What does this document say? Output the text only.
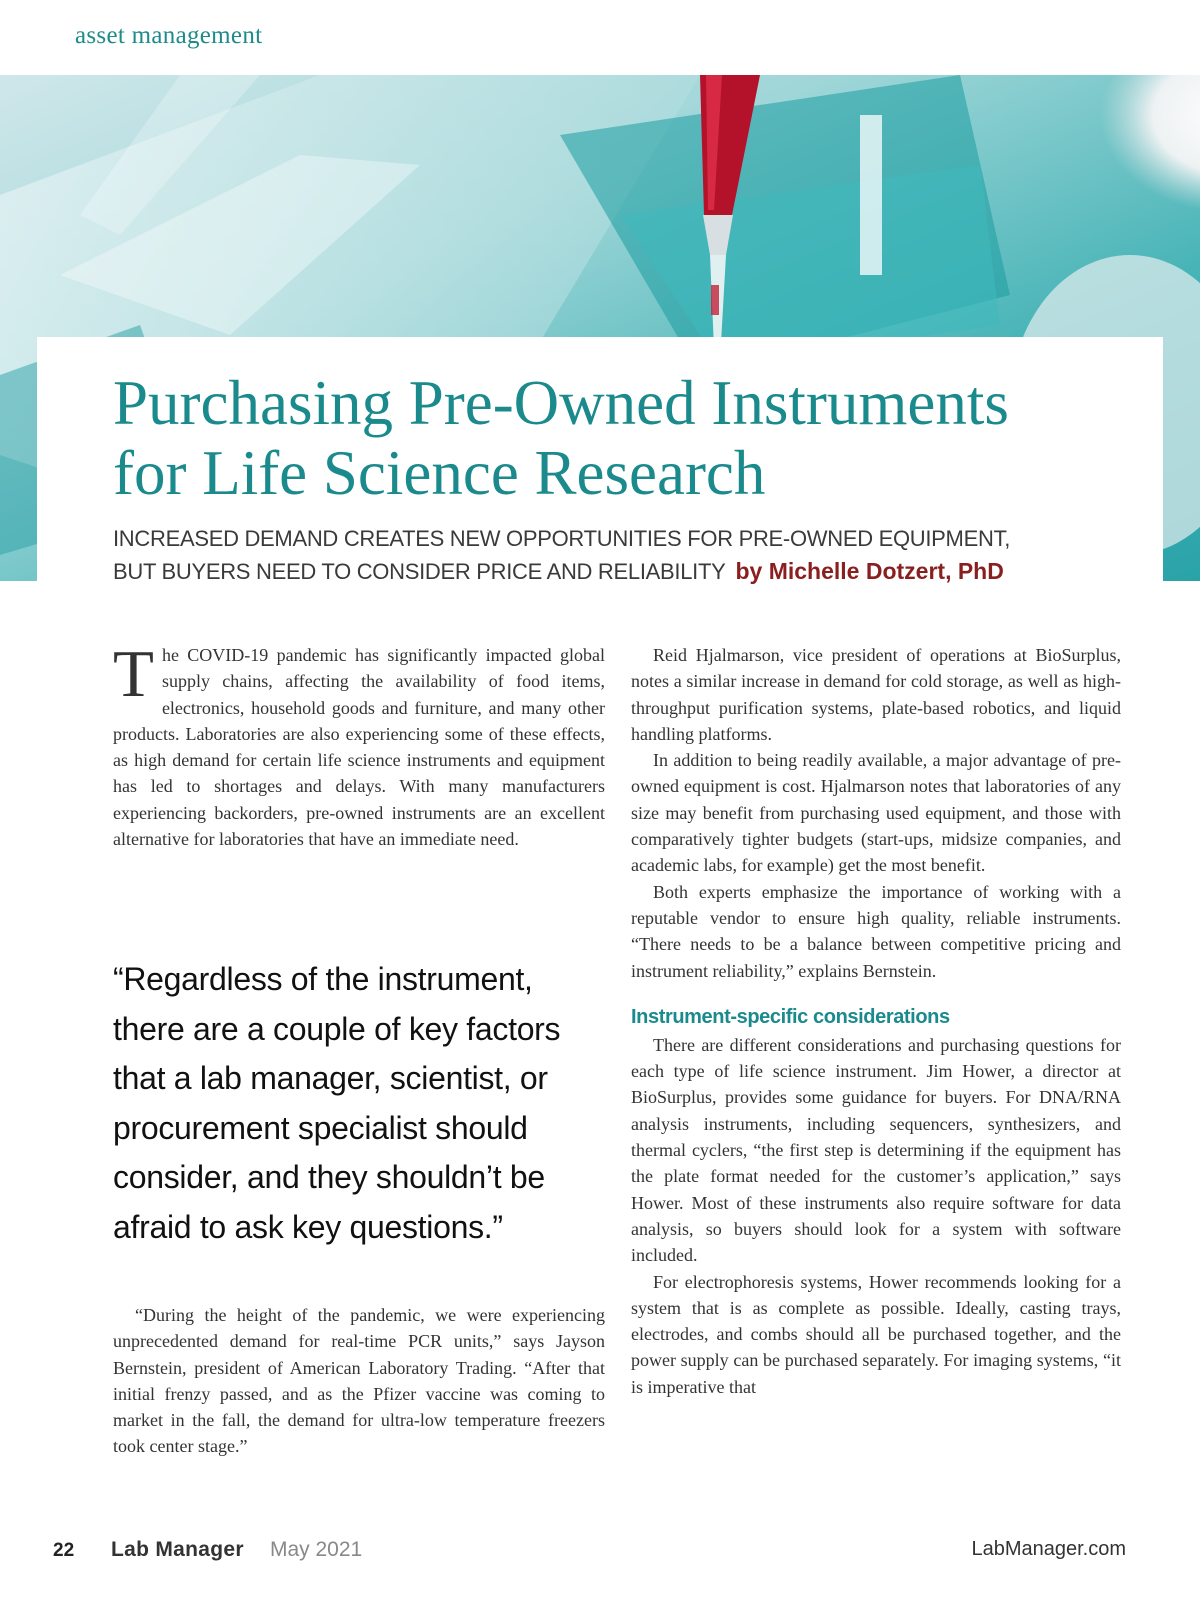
asset management
Purchasing Pre-Owned Instruments
for Life Science Research
INCREASED DEMAND CREATES NEW OPPORTUNITIES FOR PRE-OWNED EQUIPMENT,
BUT BUYERS NEED TO CONSIDER PRICE AND RELIABILITY by Michelle Dotzert, PhD

The COVID-19 pandemic has significantly impacted global supply chains, affecting the availability of food items, electronics, household goods and furniture, and many other products. Laboratories are also experiencing some of these effects, as high demand for certain life science instruments and equipment has led to shortages and delays. With many manufacturers experiencing backorders, pre-owned instruments are an excellent alternative for laboratories that have an immediate need.

“Regardless of the instrument, there are a couple of key factors that a lab manager, scientist, or procurement specialist should consider, and they shouldn’t be afraid to ask key questions.”

“During the height of the pandemic, we were experiencing unprecedented demand for real-time PCR units,” says Jayson Bernstein, president of American Laboratory Trading. “After that initial frenzy passed, and as the Pfizer vaccine was coming to market in the fall, the demand for ultra-low temperature freezers took center stage.”

Reid Hjalmarson, vice president of operations at BioSurplus, notes a similar increase in demand for cold storage, as well as high-throughput purification systems, plate-based robotics, and liquid handling platforms.

In addition to being readily available, a major advantage of pre-owned equipment is cost. Hjalmarson notes that laboratories of any size may benefit from purchasing used equipment, and those with comparatively tighter budgets (start-ups, midsize companies, and academic labs, for example) get the most benefit.

Both experts emphasize the importance of working with a reputable vendor to ensure high quality, reliable instruments. “There needs to be a balance between competitive pricing and instrument reliability,” explains Bernstein.

Instrument-specific considerations

There are different considerations and purchasing questions for each type of life science instrument. Jim Hower, a director at BioSurplus, provides some guidance for buyers. For DNA/RNA analysis instruments, including sequencers, synthesizers, and thermal cyclers, “the first step is determining if the equipment has the plate format needed for the customer’s application,” says Hower. Most of these instruments also require software for data analysis, so buyers should look for a system with software included.

For electrophoresis systems, Hower recommends looking for a system that is as complete as possible. Ideally, casting trays, electrodes, and combs should all be purchased together, and the power supply can be purchased separately. For imaging systems, “it is imperative that

22 Lab Manager May 2021	LabManager.com
